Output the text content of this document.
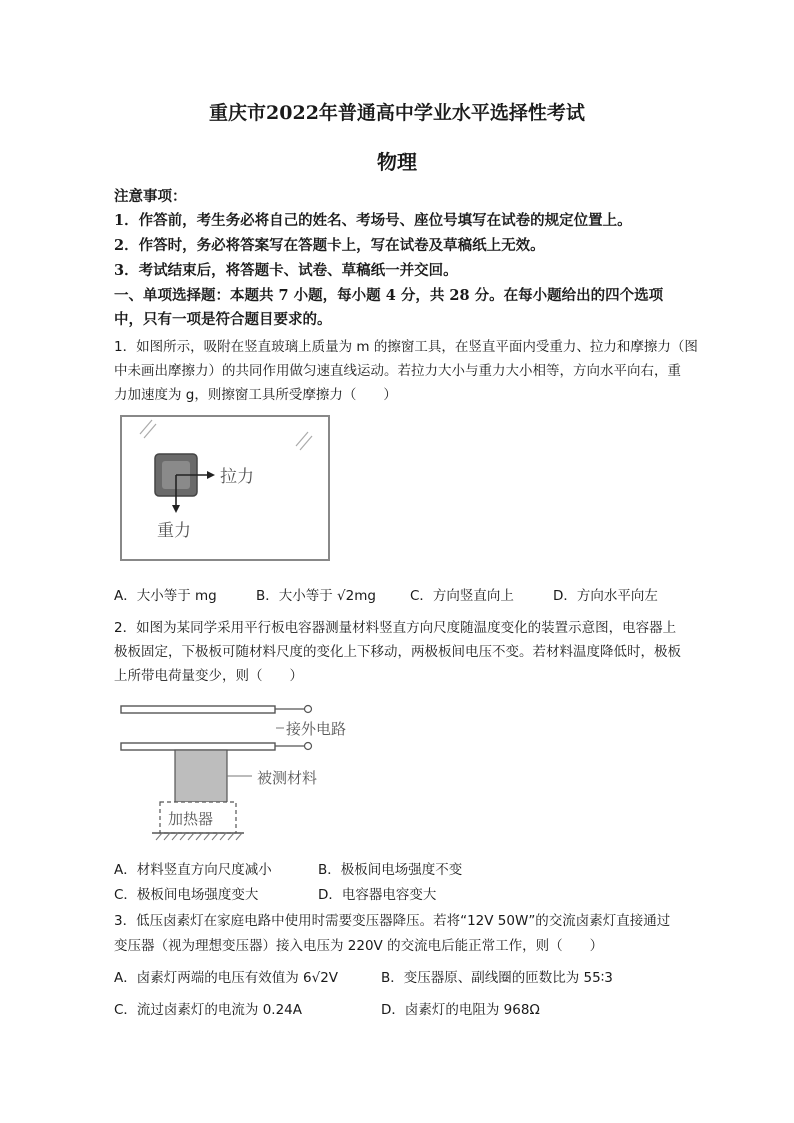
重庆市2022年普通高中学业水平选择性考试
物理
注意事项：
1．作答前，考生务必将自己的姓名、考场号、座位号填写在试卷的规定位置上。
2．作答时，务必将答案写在答题卡上，写在试卷及草稿纸上无效。
3．考试结束后，将答题卡、试卷、草稿纸一并交回。
一、单项选择题：本题共 7 小题，每小题 4 分，共 28 分。在每小题给出的四个选项
中，只有一项是符合题目要求的。
1．如图所示，吸附在竖直玻璃上质量为 m 的擦窗工具，在竖直平面内受重力、拉力和摩擦力（图
中未画出摩擦力）的共同作用做匀速直线运动。若拉力大小与重力大小相等，方向水平向右，重
力加速度为 g，则擦窗工具所受摩擦力（　　）
拉力
重力
A．大小等于 mg	B．大小等于 √2mg	C．方向竖直向上	D．方向水平向左
2．如图为某同学采用平行板电容器测量材料竖直方向尺度随温度变化的装置示意图，电容器上
极板固定，下极板可随材料尺度的变化上下移动，两极板间电压不变。若材料温度降低时，极板
上所带电荷量变少，则（　　）
接外电路
被测材料
加热器
A．材料竖直方向尺度减小	B．极板间电场强度不变
C．极板间电场强度变大	D．电容器电容变大
3．低压卤素灯在家庭电路中使用时需要变压器降压。若将“12V 50W”的交流卤素灯直接通过
变压器（视为理想变压器）接入电压为 220V 的交流电后能正常工作，则（　　）
A．卤素灯两端的电压有效值为 6√2V	B．变压器原、副线圈的匝数比为 55∶3
C．流过卤素灯的电流为 0.24A	D．卤素灯的电阻为 968Ω
